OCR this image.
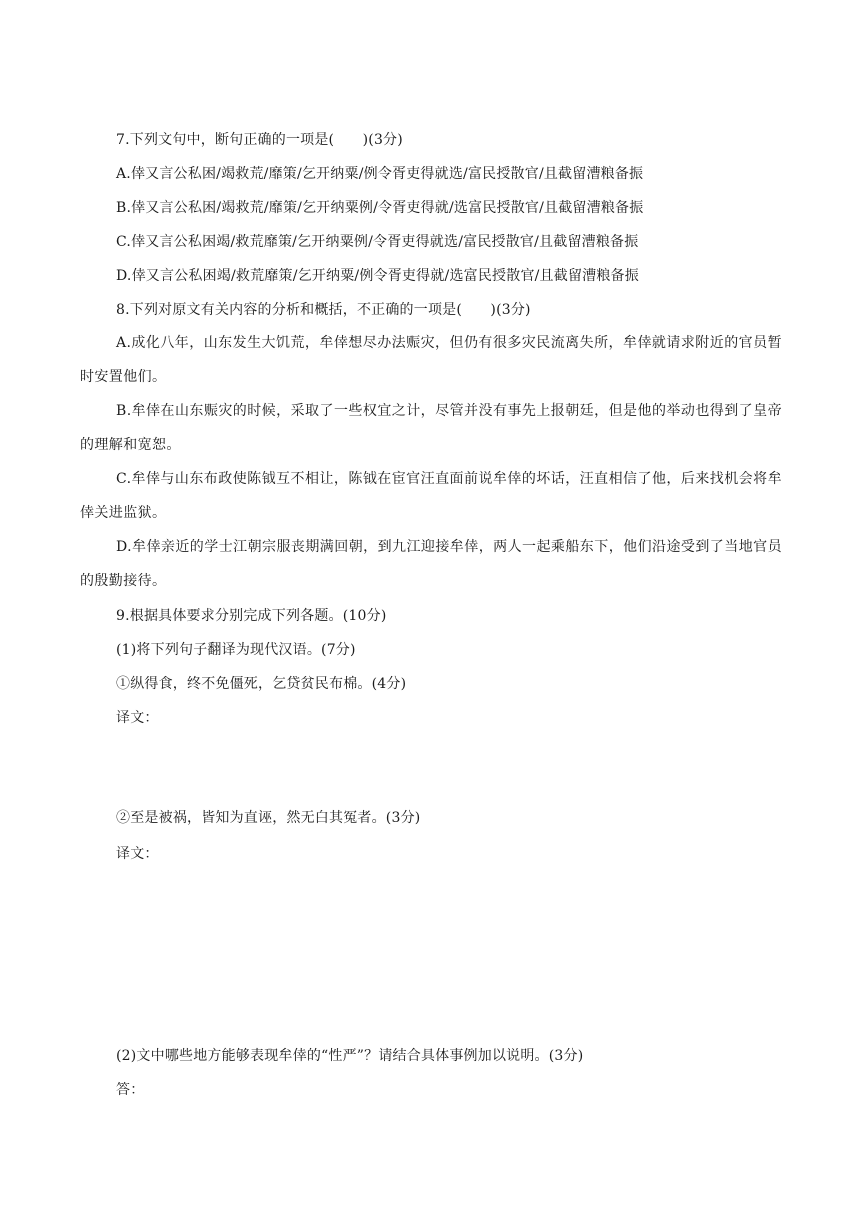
7.下列文句中，断句正确的一项是(　　)(3分)
A.倖又言公私困/竭救荒/靡策/乞开纳粟/例令胥吏得就选/富民授散官/且截留漕粮备振
B.倖又言公私困/竭救荒/靡策/乞开纳粟例/令胥吏得就/选富民授散官/且截留漕粮备振
C.倖又言公私困竭/救荒靡策/乞开纳粟例/令胥吏得就选/富民授散官/且截留漕粮备振
D.倖又言公私困竭/救荒靡策/乞开纳粟/例令胥吏得就/选富民授散官/且截留漕粮备振
8.下列对原文有关内容的分析和概括，不正确的一项是(　　)(3分)
A.成化八年，山东发生大饥荒，牟倖想尽办法赈灾，但仍有很多灾民流离失所，牟倖就请求附近的官员暂时安置他们。
B.牟倖在山东赈灾的时候，采取了一些权宜之计，尽管并没有事先上报朝廷，但是他的举动也得到了皇帝的理解和宽恕。
C.牟倖与山东布政使陈钺互不相让，陈钺在宦官汪直面前说牟倖的坏话，汪直相信了他，后来找机会将牟倖关进监狱。
D.牟倖亲近的学士江朝宗服丧期满回朝，到九江迎接牟倖，两人一起乘船东下，他们沿途受到了当地官员的殷勤接待。
9.根据具体要求分别完成下列各题。(10分)
(1)将下列句子翻译为现代汉语。(7分)
①纵得食，终不免僵死，乞贷贫民布棉。(4分)
译文：
②至是被祸，皆知为直诬，然无白其冤者。(3分)
译文：
(2)文中哪些地方能够表现牟倖的“性严”？请结合具体事例加以说明。(3分)
答：
